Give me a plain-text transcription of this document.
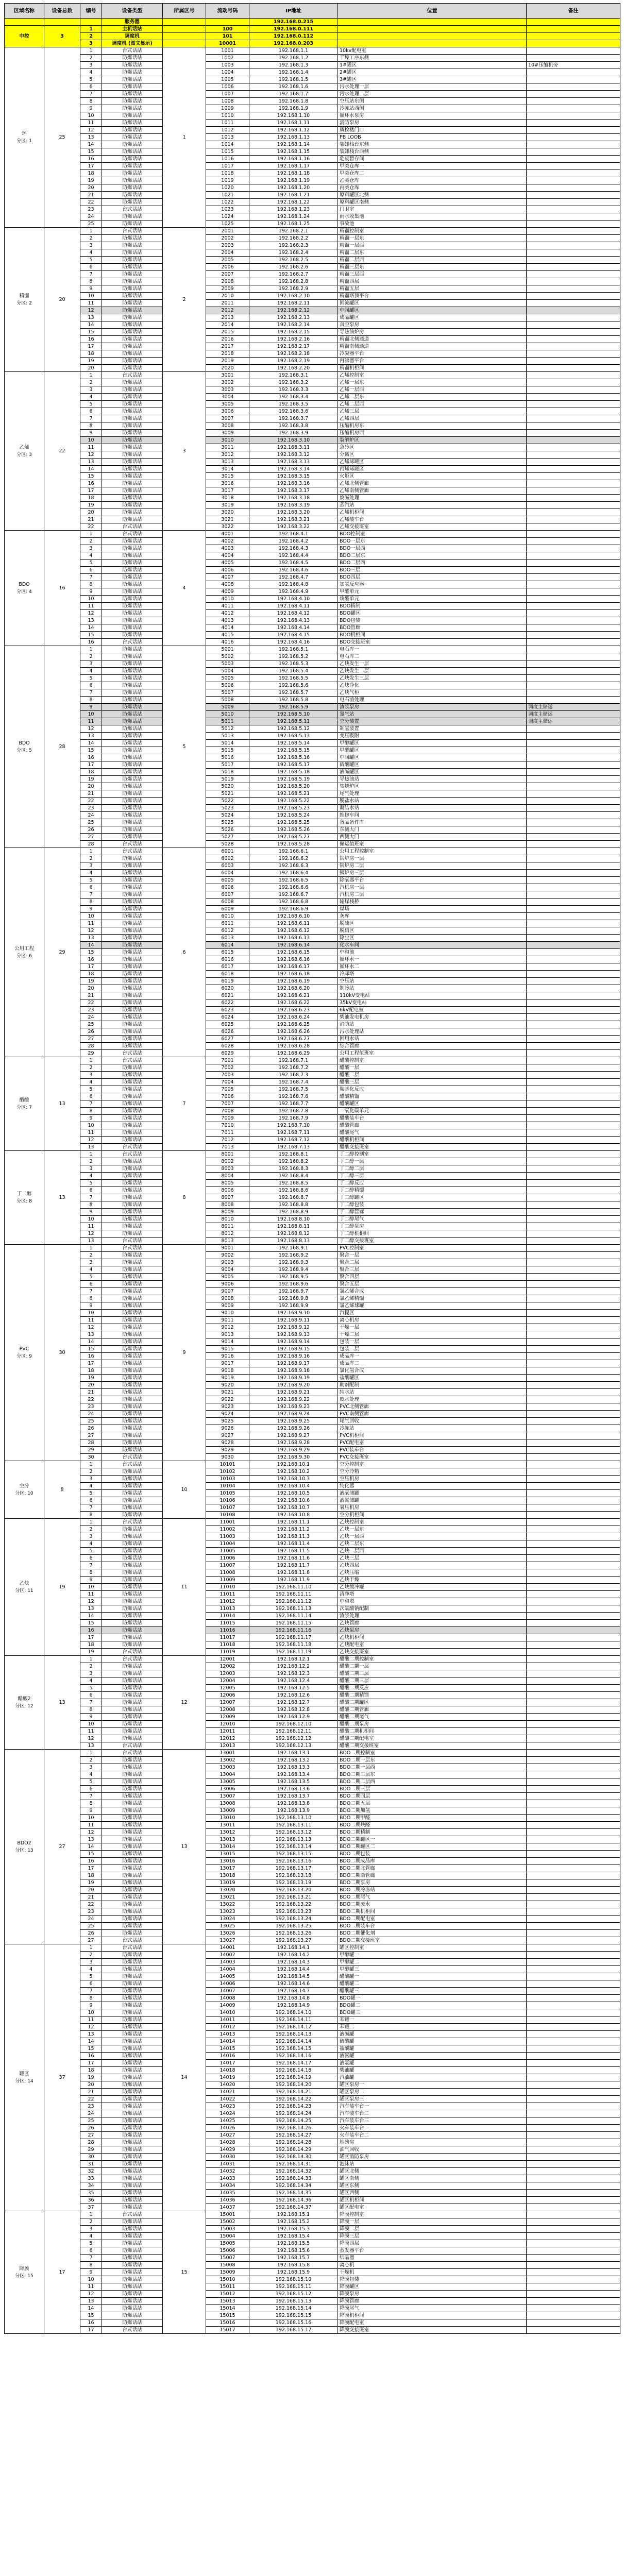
区域名称	设备总数	编号	设备类型	所属区号	流动号码	IP地址	位置	备注
			服务器			192.168.0.215		
中控	3	1	主机话站		100	192.168.0.111		
		2	调度机		101	192.168.0.112		
		3	调度机 (图文显示)		10001	192.168.0.203		

环
分区: 1	25	1	台式话站	1	1001	192.168.1.1	10kv配电室	
		2	防爆话站		1002	192.168.1.2	干燥工序东侧	
		3	防爆话站		1003	192.168.1.3	1#罐区	10#压缩机旁
		4	防爆话站		1004	192.168.1.4	2#罐区	
		5	防爆话站		1005	192.168.1.5	3#罐区	
		6	防爆话站		1006	192.168.1.6	污水处理一层	
		7	防爆话站		1007	192.168.1.7	污水处理二层	
		8	防爆话站		1008	192.168.1.8	空压站东侧	
		9	防爆话站		1009	192.168.1.9	冷冻站西侧	
		10	防爆话站		1010	192.168.1.10	循环水泵房	
		11	防爆话站		1011	192.168.1.11	消防泵房	
		12	防爆话站		1012	192.168.1.12	质检楼门口	
		13	防爆话站		1013	192.168.1.13	PB LOOB	
		14	防爆话站		1014	192.168.1.14	装卸栈台东侧	
		15	防爆话站		1015	192.168.1.15	装卸栈台西侧	
		16	防爆话站		1016	192.168.1.16	危废暂存间	
		17	防爆话站		1017	192.168.1.17	甲类仓库一	
		18	防爆话站		1018	192.168.1.18	甲类仓库二	
		19	防爆话站		1019	192.168.1.19	乙类仓库	
		20	防爆话站		1020	192.168.1.20	丙类仓库	
		21	防爆话站		1021	192.168.1.21	原料罐区北侧	
		22	防爆话站		1022	192.168.1.22	原料罐区南侧	
		23	台式话站		1023	192.168.1.23	门卫室	
		24	防爆话站		1024	192.168.1.24	雨水收集池	
		25	防爆话站		1025	192.168.1.25	事故池	

精馏
分区: 2	20	1	台式话站	2	2001	192.168.2.1	精馏控制室	
		2	防爆话站		2002	192.168.2.2	精馏一层东	
		3	防爆话站		2003	192.168.2.3	精馏一层西	
		4	防爆话站		2004	192.168.2.4	精馏二层东	
		5	防爆话站		2005	192.168.2.5	精馏二层西	
		6	防爆话站		2006	192.168.2.6	精馏三层东	
		7	防爆话站		2007	192.168.2.7	精馏三层西	
		8	防爆话站		2008	192.168.2.8	精馏四层	
		9	防爆话站		2009	192.168.2.9	精馏五层	
		10	防爆话站		2010	192.168.2.10	精馏塔顶平台	
		11	防爆话站		2011	192.168.2.11	回流罐区	
		12	防爆话站		2012	192.168.2.12	中间罐区	
		13	防爆话站		2013	192.168.2.13	成品罐区	
		14	防爆话站		2014	192.168.2.14	真空泵房	
		15	防爆话站		2015	192.168.2.15	导热油炉房	
		16	防爆话站		2016	192.168.2.16	精馏北侧通道	
		17	防爆话站		2017	192.168.2.17	精馏南侧通道	
		18	防爆话站		2018	192.168.2.18	冷凝器平台	
		19	防爆话站		2019	192.168.2.19	再沸器平台	
		20	防爆话站		2020	192.168.2.20	精馏机柜间	

乙烯
分区: 3	22	1	台式话站	3	3001	192.168.3.1	乙烯控制室	
		2	防爆话站		3002	192.168.3.2	乙烯一层东	
		3	防爆话站		3003	192.168.3.3	乙烯一层西	
		4	防爆话站		3004	192.168.3.4	乙烯二层东	
		5	防爆话站		3005	192.168.3.5	乙烯二层西	
		6	防爆话站		3006	192.168.3.6	乙烯三层	
		7	防爆话站		3007	192.168.3.7	乙烯四层	
		8	防爆话站		3008	192.168.3.8	压缩机房东	
		9	防爆话站		3009	192.168.3.9	压缩机房西	
		10	防爆话站		3010	192.168.3.10	裂解炉区	
		11	防爆话站		3011	192.168.3.11	急冷区	
		12	防爆话站		3012	192.168.3.12	分离区	
		13	防爆话站		3013	192.168.3.13	乙烯球罐区	
		14	防爆话站		3014	192.168.3.14	丙烯球罐区	
		15	防爆话站		3015	192.168.3.15	火炬区	
		16	防爆话站		3016	192.168.3.16	乙烯北侧管廊	
		17	防爆话站		3017	192.168.3.17	乙烯南侧管廊	
		18	防爆话站		3018	192.168.3.18	废碱处理	
		19	防爆话站		3019	192.168.3.19	蒸汽站	
		20	防爆话站		3020	192.168.3.20	乙烯机柜间	
		21	防爆话站		3021	192.168.3.21	乙烯装车台	
		22	台式话站		3022	192.168.3.22	乙烯交接班室	

BDO
分区: 4	16	1	台式话站	4	4001	192.168.4.1	BDO控制室	
		2	防爆话站		4002	192.168.4.2	BDO一层东	
		3	防爆话站		4003	192.168.4.3	BDO一层西	
		4	防爆话站		4004	192.168.4.4	BDO二层东	
		5	防爆话站		4005	192.168.4.5	BDO二层西	
		6	防爆话站		4006	192.168.4.6	BDO三层	
		7	防爆话站		4007	192.168.4.7	BDO四层	
		8	防爆话站		4008	192.168.4.8	加氢反应器	
		9	防爆话站		4009	192.168.4.9	甲醛单元	
		10	防爆话站		4010	192.168.4.10	炔醛单元	
		11	防爆话站		4011	192.168.4.11	BDO精制	
		12	防爆话站		4012	192.168.4.12	BDO罐区	
		13	防爆话站		4013	192.168.4.13	BDO包装	
		14	防爆话站		4014	192.168.4.14	BDO管廊	
		15	防爆话站		4015	192.168.4.15	BDO机柜间	
		16	台式话站		4016	192.168.4.16	BDO交接班室	

BDO
分区: 5	28	1	防爆话站	5	5001	192.168.5.1	电石库一	
		2	防爆话站		5002	192.168.5.2	电石库二	
		3	防爆话站		5003	192.168.5.3	乙炔发生一层	
		4	防爆话站		5004	192.168.5.4	乙炔发生二层	
		5	防爆话站		5005	192.168.5.5	乙炔发生三层	
		6	防爆话站		5006	192.168.5.6	乙炔净化	
		7	防爆话站		5007	192.168.5.7	乙炔气柜	
		8	防爆话站		5008	192.168.5.8	电石渣处理	
		9	防爆话站		5009	192.168.5.9	渣浆泵房	调度主储运
		10	防爆话站		5010	192.168.5.10	氮气站	调度主储运
		11	防爆话站		5011	192.168.5.11	空分装置	调度主储运
		12	防爆话站		5012	192.168.5.12	制氢装置	
		13	防爆话站		5013	192.168.5.13	变压吸附	
		14	防爆话站		5014	192.168.5.14	甲醇罐区	
		15	防爆话站		5015	192.168.5.15	甲醛罐区	
		16	防爆话站		5016	192.168.5.16	中间罐区	
		17	防爆话站		5017	192.168.5.17	硫酸罐区	
		18	防爆话站		5018	192.168.5.18	液碱罐区	
		19	防爆话站		5019	192.168.5.19	导热油站	
		20	防爆话站		5020	192.168.5.20	焚烧炉区	
		21	防爆话站		5021	192.168.5.21	尾气处理	
		22	防爆话站		5022	192.168.5.22	脱盐水站	
		23	防爆话站		5023	192.168.5.23	凝结水站	
		24	防爆话站		5024	192.168.5.24	维修车间	
		25	防爆话站		5025	192.168.5.25	备品备件库	
		26	防爆话站		5026	192.168.5.26	东侧大门	
		27	防爆话站		5027	192.168.5.27	西侧大门	
		28	台式话站		5028	192.168.5.28	储运值班室	

公用工程
分区: 6	29	1	台式话站	6	6001	192.168.6.1	公用工程控制室	
		2	防爆话站		6002	192.168.6.2	锅炉房一层	
		3	防爆话站		6003	192.168.6.3	锅炉房二层	
		4	防爆话站		6004	192.168.6.4	锅炉房三层	
		5	防爆话站		6005	192.168.6.5	除氧器平台	
		6	防爆话站		6006	192.168.6.6	汽机房一层	
		7	防爆话站		6007	192.168.6.7	汽机房二层	
		8	防爆话站		6008	192.168.6.8	输煤栈桥	
		9	防爆话站		6009	192.168.6.9	煤场	
		10	防爆话站		6010	192.168.6.10	灰库	
		11	防爆话站		6011	192.168.6.11	脱硫区	
		12	防爆话站		6012	192.168.6.12	脱硝区	
		13	防爆话站		6013	192.168.6.13	除尘区	
		14	防爆话站		6014	192.168.6.14	化水车间	
		15	防爆话站		6015	192.168.6.15	中和池	
		16	防爆话站		6016	192.168.6.16	循环水一	
		17	防爆话站		6017	192.168.6.17	循环水二	
		18	防爆话站		6018	192.168.6.18	冷却塔	
		19	防爆话站		6019	192.168.6.19	空压站	
		20	防爆话站		6020	192.168.6.20	制冷站	
		21	防爆话站		6021	192.168.6.21	110kV变电站	
		22	防爆话站		6022	192.168.6.22	35kV变电站	
		23	防爆话站		6023	192.168.6.23	6kV配电室	
		24	防爆话站		6024	192.168.6.24	柴油发电机房	
		25	防爆话站		6025	192.168.6.25	消防站	
		26	防爆话站		6026	192.168.6.26	污水处理站	
		27	防爆话站		6027	192.168.6.27	回用水站	
		28	防爆话站		6028	192.168.6.28	综合管廊	
		29	台式话站		6029	192.168.6.29	公用工程值班室	

醋酸
分区: 7	13	1	台式话站	7	7001	192.168.7.1	醋酸控制室	
		2	防爆话站		7002	192.168.7.2	醋酸一层	
		3	防爆话站		7003	192.168.7.3	醋酸二层	
		4	防爆话站		7004	192.168.7.4	醋酸三层	
		5	防爆话站		7005	192.168.7.5	羰基化反应	
		6	防爆话站		7006	192.168.7.6	醋酸精馏	
		7	防爆话站		7007	192.168.7.7	醋酸罐区	
		8	防爆话站		7008	192.168.7.8	一氧化碳单元	
		9	防爆话站		7009	192.168.7.9	醋酸装车台	
		10	防爆话站		7010	192.168.7.10	醋酸管廊	
		11	防爆话站		7011	192.168.7.11	醋酸尾气	
		12	防爆话站		7012	192.168.7.12	醋酸机柜间	
		13	台式话站		7013	192.168.7.13	醋酸交接班室	

丁二醇
分区: 8	13	1	台式话站	8	8001	192.168.8.1	丁二醇控制室	
		2	防爆话站		8002	192.168.8.2	丁二醇一层	
		3	防爆话站		8003	192.168.8.3	丁二醇二层	
		4	防爆话站		8004	192.168.8.4	丁二醇三层	
		5	防爆话站		8005	192.168.8.5	丁二醇反应	
		6	防爆话站		8006	192.168.8.6	丁二醇精馏	
		7	防爆话站		8007	192.168.8.7	丁二醇罐区	
		8	防爆话站		8008	192.168.8.8	丁二醇包装	
		9	防爆话站		8009	192.168.8.9	丁二醇管廊	
		10	防爆话站		8010	192.168.8.10	丁二醇尾气	
		11	防爆话站		8011	192.168.8.11	丁二醇泵房	
		12	防爆话站		8012	192.168.8.12	丁二醇机柜间	
		13	台式话站		8013	192.168.8.13	丁二醇交接班室	

PVC
分区: 9	30	1	台式话站	9	9001	192.168.9.1	PVC控制室	
		2	防爆话站		9002	192.168.9.2	聚合一层	
		3	防爆话站		9003	192.168.9.3	聚合二层	
		4	防爆话站		9004	192.168.9.4	聚合三层	
		5	防爆话站		9005	192.168.9.5	聚合四层	
		6	防爆话站		9006	192.168.9.6	聚合五层	
		7	防爆话站		9007	192.168.9.7	氯乙烯合成	
		8	防爆话站		9008	192.168.9.8	氯乙烯精馏	
		9	防爆话站		9009	192.168.9.9	氯乙烯球罐	
		10	防爆话站		9010	192.168.9.10	汽提区	
		11	防爆话站		9011	192.168.9.11	离心机房	
		12	防爆话站		9012	192.168.9.12	干燥一层	
		13	防爆话站		9013	192.168.9.13	干燥二层	
		14	防爆话站		9014	192.168.9.14	包装一层	
		15	防爆话站		9015	192.168.9.15	包装二层	
		16	防爆话站		9016	192.168.9.16	成品库一	
		17	防爆话站		9017	192.168.9.17	成品库二	
		18	防爆话站		9018	192.168.9.18	氯化氢合成	
		19	防爆话站		9019	192.168.9.19	盐酸罐区	
		20	防爆话站		9020	192.168.9.20	助剂配制	
		21	防爆话站		9021	192.168.9.21	纯水站	
		22	防爆话站		9022	192.168.9.22	废水处理	
		23	防爆话站		9023	192.168.9.23	PVC北侧管廊	
		24	防爆话站		9024	192.168.9.24	PVC南侧管廊	
		25	防爆话站		9025	192.168.9.25	尾气回收	
		26	防爆话站		9026	192.168.9.26	冷冻站	
		27	防爆话站		9027	192.168.9.27	PVC机柜间	
		28	防爆话站		9028	192.168.9.28	PVC配电室	
		29	防爆话站		9029	192.168.9.29	PVC装车台	
		30	台式话站		9030	192.168.9.30	PVC交接班室	

空分
分区: 10	8	1	台式话站	10	10101	192.168.10.1	空分控制室	
		2	防爆话站		10102	192.168.10.2	空分冷箱	
		3	防爆话站		10103	192.168.10.3	空压机房	
		4	防爆话站		10104	192.168.10.4	纯化器	
		5	防爆话站		10105	192.168.10.5	液氧储罐	
		6	防爆话站		10106	192.168.10.6	液氮储罐	
		7	防爆话站		10107	192.168.10.7	氧压机房	
		8	防爆话站		10108	192.168.10.8	空分机柜间	

乙炔
分区: 11	19	1	台式话站	11	11001	192.168.11.1	乙炔控制室	
		2	防爆话站		11002	192.168.11.2	乙炔一层东	
		3	防爆话站		11003	192.168.11.3	乙炔一层西	
		4	防爆话站		11004	192.168.11.4	乙炔二层东	
		5	防爆话站		11005	192.168.11.5	乙炔二层西	
		6	防爆话站		11006	192.168.11.6	乙炔三层	
		7	防爆话站		11007	192.168.11.7	乙炔四层	
		8	防爆话站		11008	192.168.11.8	乙炔压缩	
		9	防爆话站		11009	192.168.11.9	乙炔干燥	
		10	防爆话站		11010	192.168.11.10	乙炔缓冲罐	
		11	防爆话站		11011	192.168.11.11	清净塔	
		12	防爆话站		11012	192.168.11.12	中和塔	
		13	防爆话站		11013	192.168.11.13	次氯酸钠配制	
		14	防爆话站		11014	192.168.11.14	渣浆处理	
		15	防爆话站		11015	192.168.11.15	乙炔管廊	
		16	防爆话站		11016	192.168.11.16	乙炔泵房	
		17	防爆话站		11017	192.168.11.17	乙炔机柜间	
		18	防爆话站		11018	192.168.11.18	乙炔配电室	
		19	台式话站		11019	192.168.11.19	乙炔交接班室	

醋酸2
分区: 12	13	1	台式话站	12	12001	192.168.12.1	醋酸二期控制室	
		2	防爆话站		12002	192.168.12.2	醋酸二期一层	
		3	防爆话站		12003	192.168.12.3	醋酸二期二层	
		4	防爆话站		12004	192.168.12.4	醋酸二期三层	
		5	防爆话站		12005	192.168.12.5	醋酸二期反应	
		6	防爆话站		12006	192.168.12.6	醋酸二期精馏	
		7	防爆话站		12007	192.168.12.7	醋酸二期罐区	
		8	防爆话站		12008	192.168.12.8	醋酸二期管廊	
		9	防爆话站		12009	192.168.12.9	醋酸二期尾气	
		10	防爆话站		12010	192.168.12.10	醋酸二期泵房	
		11	防爆话站		12011	192.168.12.11	醋酸二期机柜间	
		12	防爆话站		12012	192.168.12.12	醋酸二期配电室	
		13	台式话站		12013	192.168.12.13	醋酸二期交接班室	

BDO2
分区: 13	27	1	台式话站	13	13001	192.168.13.1	BDO二期控制室	
		2	防爆话站		13002	192.168.13.2	BDO二期一层东	
		3	防爆话站		13003	192.168.13.3	BDO二期一层西	
		4	防爆话站		13004	192.168.13.4	BDO二期二层东	
		5	防爆话站		13005	192.168.13.5	BDO二期二层西	
		6	防爆话站		13006	192.168.13.6	BDO二期三层	
		7	防爆话站		13007	192.168.13.7	BDO二期四层	
		8	防爆话站		13008	192.168.13.8	BDO二期五层	
		9	防爆话站		13009	192.168.13.9	BDO二期加氢	
		10	防爆话站		13010	192.168.13.10	BDO二期甲醛	
		11	防爆话站		13011	192.168.13.11	BDO二期炔醛	
		12	防爆话站		13012	192.168.13.12	BDO二期精制	
		13	防爆话站		13013	192.168.13.13	BDO二期罐区一	
		14	防爆话站		13014	192.168.13.14	BDO二期罐区二	
		15	防爆话站		13015	192.168.13.15	BDO二期包装	
		16	防爆话站		13016	192.168.13.16	BDO二期成品库	
		17	防爆话站		13017	192.168.13.17	BDO二期北管廊	
		18	防爆话站		13018	192.168.13.18	BDO二期南管廊	
		19	防爆话站		13019	192.168.13.19	BDO二期泵房	
		20	防爆话站		13020	192.168.13.20	BDO二期冷冻站	
		21	防爆话站		13021	192.168.13.21	BDO二期尾气	
		22	防爆话站		13022	192.168.13.22	BDO二期废水	
		23	防爆话站		13023	192.168.13.23	BDO二期机柜间	
		24	防爆话站		13024	192.168.13.24	BDO二期配电室	
		25	防爆话站		13025	192.168.13.25	BDO二期装车台	
		26	防爆话站		13026	192.168.13.26	BDO二期催化剂	
		27	台式话站		13027	192.168.13.27	BDO二期交接班室	

罐区
分区: 14	37	1	台式话站	14	14001	192.168.14.1	罐区控制室	
		2	防爆话站		14002	192.168.14.2	甲醇罐一	
		3	防爆话站		14003	192.168.14.3	甲醇罐二	
		4	防爆话站		14004	192.168.14.4	甲醇罐三	
		5	防爆话站		14005	192.168.14.5	醋酸罐一	
		6	防爆话站		14006	192.168.14.6	醋酸罐二	
		7	防爆话站		14007	192.168.14.7	醋酸罐三	
		8	防爆话站		14008	192.168.14.8	BDO罐一	
		9	防爆话站		14009	192.168.14.9	BDO罐二	
		10	防爆话站		14010	192.168.14.10	BDO罐三	
		11	防爆话站		14011	192.168.14.11	苯罐一	
		12	防爆话站		14012	192.168.14.12	苯罐二	
		13	防爆话站		14013	192.168.14.13	液碱罐	
		14	防爆话站		14014	192.168.14.14	硫酸罐	
		15	防爆话站		14015	192.168.14.15	盐酸罐	
		16	防爆话站		14016	192.168.14.16	液氨罐	
		17	防爆话站		14017	192.168.14.17	液氯罐	
		18	防爆话站		14018	192.168.14.18	柴油罐	
		19	防爆话站		14019	192.168.14.19	汽油罐	
		20	防爆话站		14020	192.168.14.20	罐区泵房一	
		21	防爆话站		14021	192.168.14.21	罐区泵房二	
		22	防爆话站		14022	192.168.14.22	罐区泵房三	
		23	防爆话站		14023	192.168.14.23	汽车装车台一	
		24	防爆话站		14024	192.168.14.24	汽车装车台二	
		25	防爆话站		14025	192.168.14.25	汽车装车台三	
		26	防爆话站		14026	192.168.14.26	火车装车台一	
		27	防爆话站		14027	192.168.14.27	火车装车台二	
		28	防爆话站		14028	192.168.14.28	地磅房	
		29	防爆话站		14029	192.168.14.29	油气回收	
		30	防爆话站		14030	192.168.14.30	罐区消防泵房	
		31	防爆话站		14031	192.168.14.31	泡沫站	
		32	防爆话站		14032	192.168.14.32	罐区北侧	
		33	防爆话站		14033	192.168.14.33	罐区南侧	
		34	防爆话站		14034	192.168.14.34	罐区东侧	
		35	防爆话站		14035	192.168.14.35	罐区西侧	
		36	防爆话站		14036	192.168.14.36	罐区机柜间	
		37	防爆话站		14037	192.168.14.37	罐区配电室	

降膜
分区: 15	17	1	台式话站	15	15001	192.168.15.1	降膜控制室	
		2	防爆话站		15002	192.168.15.2	降膜一层	
		3	防爆话站		15003	192.168.15.3	降膜二层	
		4	防爆话站		15004	192.168.15.4	降膜三层	
		5	防爆话站		15005	192.168.15.5	降膜四层	
		6	防爆话站		15006	192.168.15.6	蒸发器平台	
		7	防爆话站		15007	192.168.15.7	结晶器	
		8	防爆话站		15008	192.168.15.8	离心机	
		9	防爆话站		15009	192.168.15.9	干燥机	
		10	防爆话站		15010	192.168.15.10	降膜包装	
		11	防爆话站		15011	192.168.15.11	降膜罐区	
		12	防爆话站		15012	192.168.15.12	降膜泵房	
		13	防爆话站		15013	192.168.15.13	降膜管廊	
		14	防爆话站		15014	192.168.15.14	降膜尾气	
		15	防爆话站		15015	192.168.15.15	降膜机柜间	
		16	防爆话站		15016	192.168.15.16	降膜配电室	
		17	台式话站		15017	192.168.15.17	降膜交接班室	
